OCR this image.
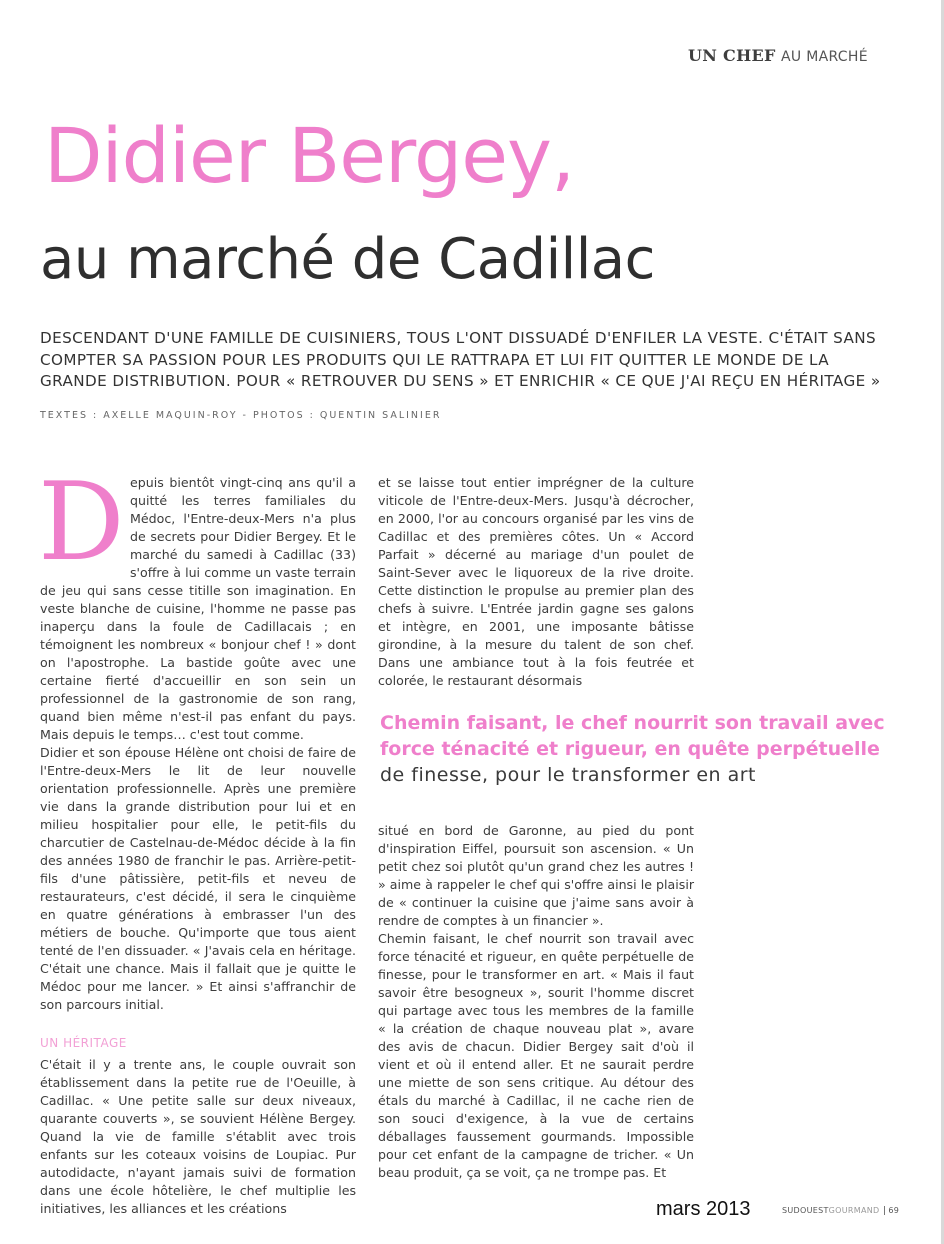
UN CHEF AU MARCHÉ
Didier Bergey,
au marché de Cadillac

DESCENDANT D'UNE FAMILLE DE CUISINIERS, TOUS L'ONT DISSUADÉ D'ENFILER LA VESTE. C'ÉTAIT SANS

COMPTER SA PASSION POUR LES PRODUITS QUI LE RATTRAPA ET LUI FIT QUITTER LE MONDE DE LA

GRANDE DISTRIBUTION. POUR « RETROUVER DU SENS » ET ENRICHIR « CE QUE J'AI REÇU EN HÉRITAGE »

TEXTES : AXELLE MAQUIN-ROY - PHOTOS : QUENTIN SALINIER
D epuis bientôt vingt-cinq ans qu'il a quitté les terres familiales du Médoc, l'Entre-deux-Mers n'a plus de secrets pour Didier Bergey. Et le marché du samedi à Cadillac (33) s'offre à lui comme un vaste terrain de jeu qui sans cesse titille son imagination. En veste blanche de cuisine, l'homme ne passe pas inaperçu dans la foule de Cadillacais ; en témoignent les nombreux « bonjour chef ! » dont on l'apostrophe. La bastide goûte avec une certaine fierté d'accueillir en son sein un professionnel de la gastronomie de son rang, quand bien même n'est-il pas enfant du pays. Mais depuis le temps… c'est tout comme.

Didier et son épouse Hélène ont choisi de faire de l'Entre-deux-Mers le lit de leur nouvelle orientation professionnelle. Après une première vie dans la grande distribution pour lui et en milieu hospitalier pour elle, le petit-fils du charcutier de Castelnau-de-Médoc décide à la fin des années 1980 de franchir le pas. Arrière-petit-fils d'une pâtissière, petit-fils et neveu de restaurateurs, c'est décidé, il sera le cinquième en quatre générations à embrasser l'un des métiers de bouche. Qu'importe que tous aient tenté de l'en dissuader. « J'avais cela en héritage. C'était une chance. Mais il fallait que je quitte le Médoc pour me lancer. » Et ainsi s'affranchir de son parcours initial.

UN HÉRITAGE

C'était il y a trente ans, le couple ouvrait son établissement dans la petite rue de l'Oeuille, à Cadillac. « Une petite salle sur deux niveaux, quarante couverts », se souvient Hélène Bergey. Quand la vie de famille s'établit avec trois enfants sur les coteaux voisins de Loupiac. Pur autodidacte, n'ayant jamais suivi de formation dans une école hôtelière, le chef multiplie les initiatives, les alliances et les créations

et se laisse tout entier imprégner de la culture viticole de l'Entre-deux-Mers. Jusqu'à décrocher, en 2000, l'or au concours organisé par les vins de Cadillac et des premières côtes. Un « Accord Parfait » décerné au mariage d'un poulet de Saint-Sever avec le liquoreux de la rive droite. Cette distinction le propulse au premier plan des chefs à suivre. L'Entrée jardin gagne ses galons et intègre, en 2001, une imposante bâtisse girondine, à la mesure du talent de son chef. Dans une ambiance tout à la fois feutrée et colorée, le restaurant désormais

Chemin faisant, le chef nourrit son travail avec
force ténacité et rigueur, en quête perpétuelle
de finesse, pour le transformer en art

situé en bord de Garonne, au pied du pont d'inspiration Eiffel, poursuit son ascension. « Un petit chez soi plutôt qu'un grand chez les autres ! » aime à rappeler le chef qui s'offre ainsi le plaisir de « continuer la cuisine que j'aime sans avoir à rendre de comptes à un financier ».

Chemin faisant, le chef nourrit son travail avec force ténacité et rigueur, en quête perpétuelle de finesse, pour le transformer en art. « Mais il faut savoir être besogneux », sourit l'homme discret qui partage avec tous les membres de la famille « la création de chaque nouveau plat », avare des avis de chacun. Didier Bergey sait d'où il vient et où il entend aller. Et ne saurait perdre une miette de son sens critique. Au détour des étals du marché à Cadillac, il ne cache rien de son souci d'exigence, à la vue de certains déballages faussement gourmands. Impossible pour cet enfant de la campagne de tricher. « Un beau produit, ça se voit, ça ne trompe pas. Et

mars 2013	SUDOUESTGOURMAND 69
